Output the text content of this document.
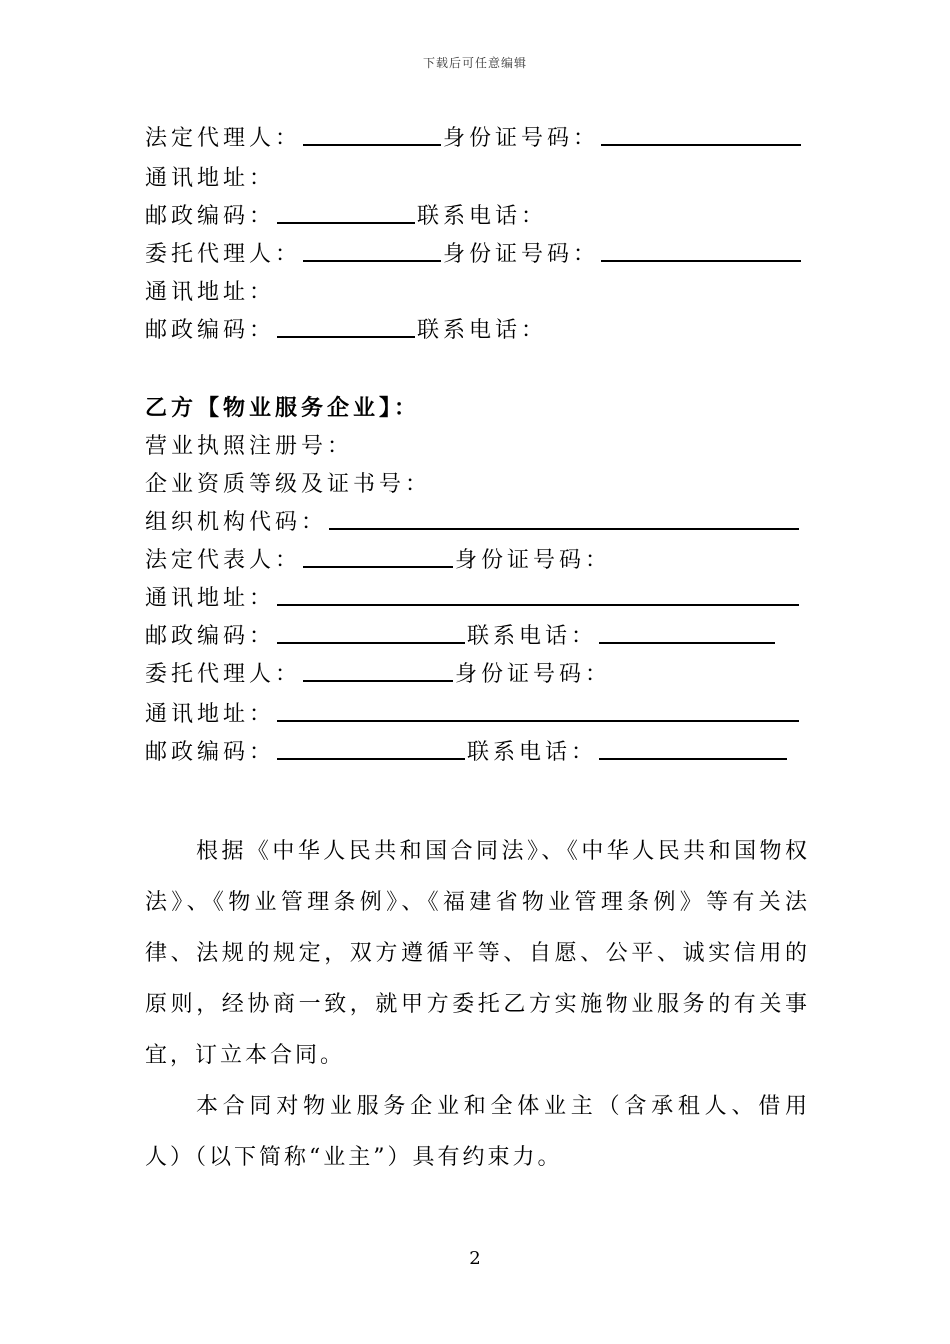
下载后可任意编辑
法定代理人：	身份证号码：
通讯地址：
邮政编码：	联系电话：
委托代理人：	身份证号码：
通讯地址：
邮政编码：	联系电话：
乙方【物业服务企业】：
营业执照注册号：
企业资质等级及证书号：
组织机构代码：
法定代表人：	身份证号码：
通讯地址：
邮政编码：	联系电话：
委托代理人：	身份证号码：
通讯地址：
邮政编码：	联系电话：

根据《中华人民共和国合同法》、《中华人民共和国物权法》、《物业管理条例》、《福建省物业管理条例》等有关法律、法规的规定，双方遵循平等、自愿、公平、诚实信用的原则，经协商一致，就甲方委托乙方实施物业服务的有关事宜，订立本合同。

本合同对物业服务企业和全体业主（含承租人、借用人）（以下简称“业主”）具有约束力。

2
